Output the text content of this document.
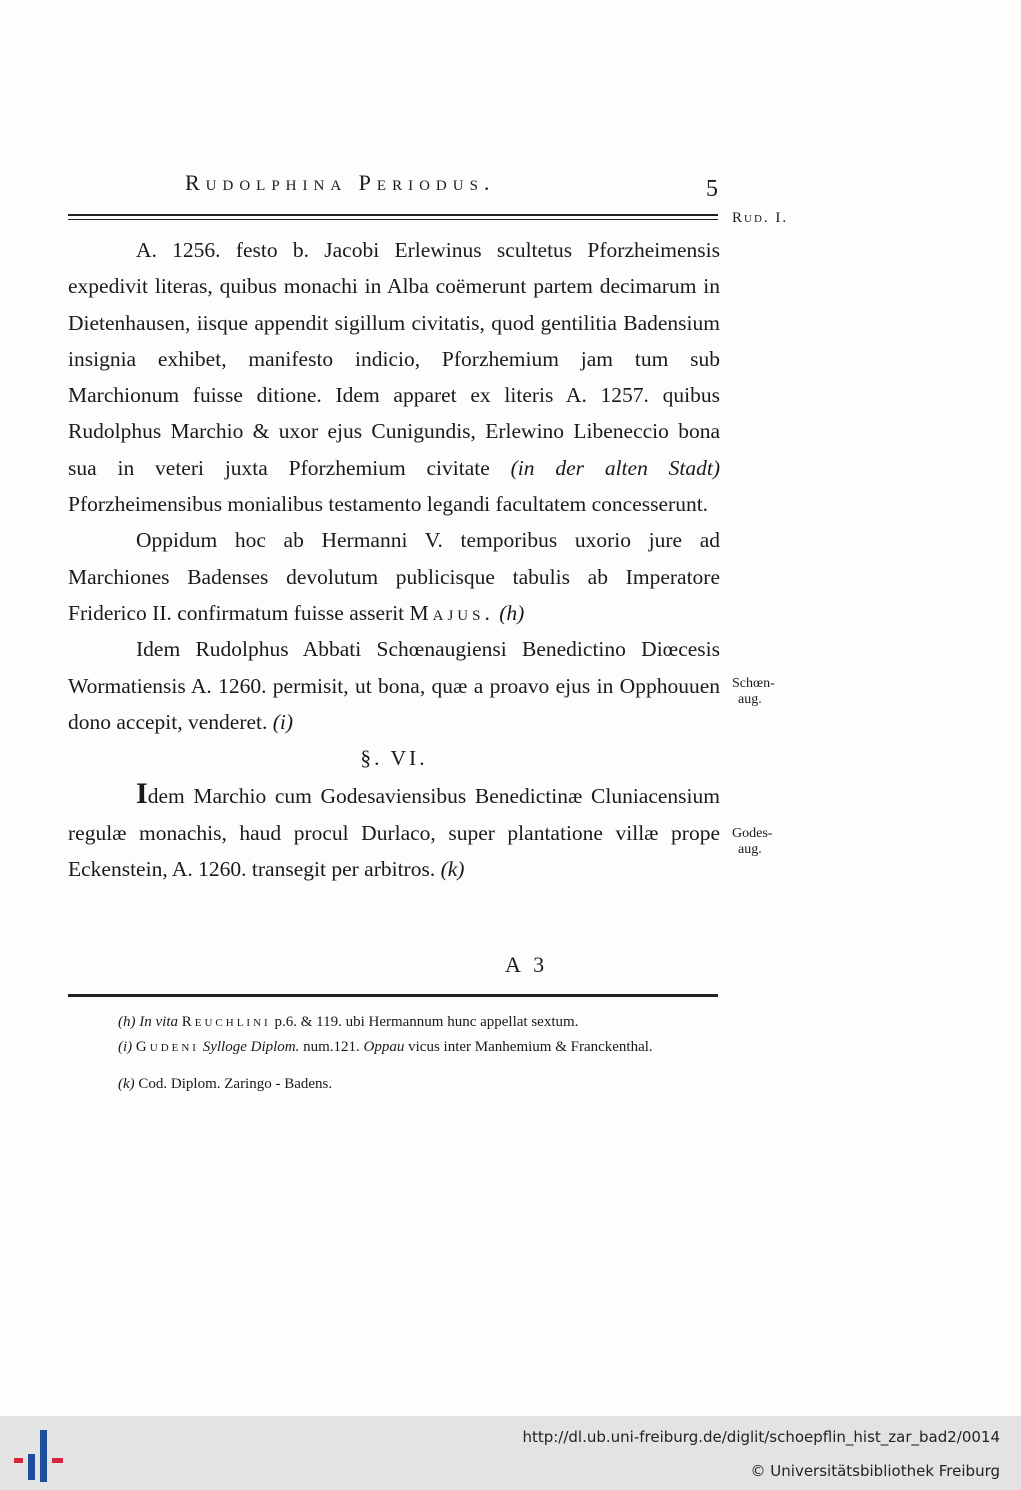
Rudolphina Periodus.	5
Rud. I.
Schœn-
aug.
Godes-
aug.

A. 1256. festo b. Jacobi Erlewinus scultetus Pforzheimensis expedivit literas, quibus monachi in Alba coëmerunt partem decimarum in Dietenhausen, iisque appendit sigillum civitatis, quod gentilitia Badensium insignia exhibet, manifesto indicio, Pforzhemium jam tum sub Marchionum fuisse ditione. Idem apparet ex literis A. 1257. quibus Rudolphus Marchio & uxor ejus Cunigundis, Erlewino Libeneccio bona sua in veteri juxta Pforzhemium civitate (in der alten Stadt) Pforzheimensibus monialibus testamento legandi facultatem concesserunt.

Oppidum hoc ab Hermanni V. temporibus uxorio jure ad Marchiones Badenses devolutum publicisque tabulis ab Imperatore Friderico II. confirmatum fuisse asserit Majus. (h)

Idem Rudolphus Abbati Schœnaugiensi Benedictino Diœcesis Wormatiensis A. 1260. permisit, ut bona, quæ a proavo ejus in Opphouuen dono accepit, venderet. (i)

§. VI.

Idem Marchio cum Godesaviensibus Benedictinæ Cluniacensium regulæ monachis, haud procul Durlaco, super plantatione villæ prope Eckenstein, A. 1260. transegit per arbitros. (k)

A 3

(h) In vita Reuchlini p.6. & 119. ubi Hermannum hunc appellat sextum.

(i) Gudeni Sylloge Diplom. num.121. Oppau vicus inter Manhemium & Franckenthal.

(k) Cod. Diplom. Zaringo - Badens.

http://dl.ub.uni-freiburg.de/diglit/schoepflin_hist_zar_bad2/0014
© Universitätsbibliothek Freiburg
